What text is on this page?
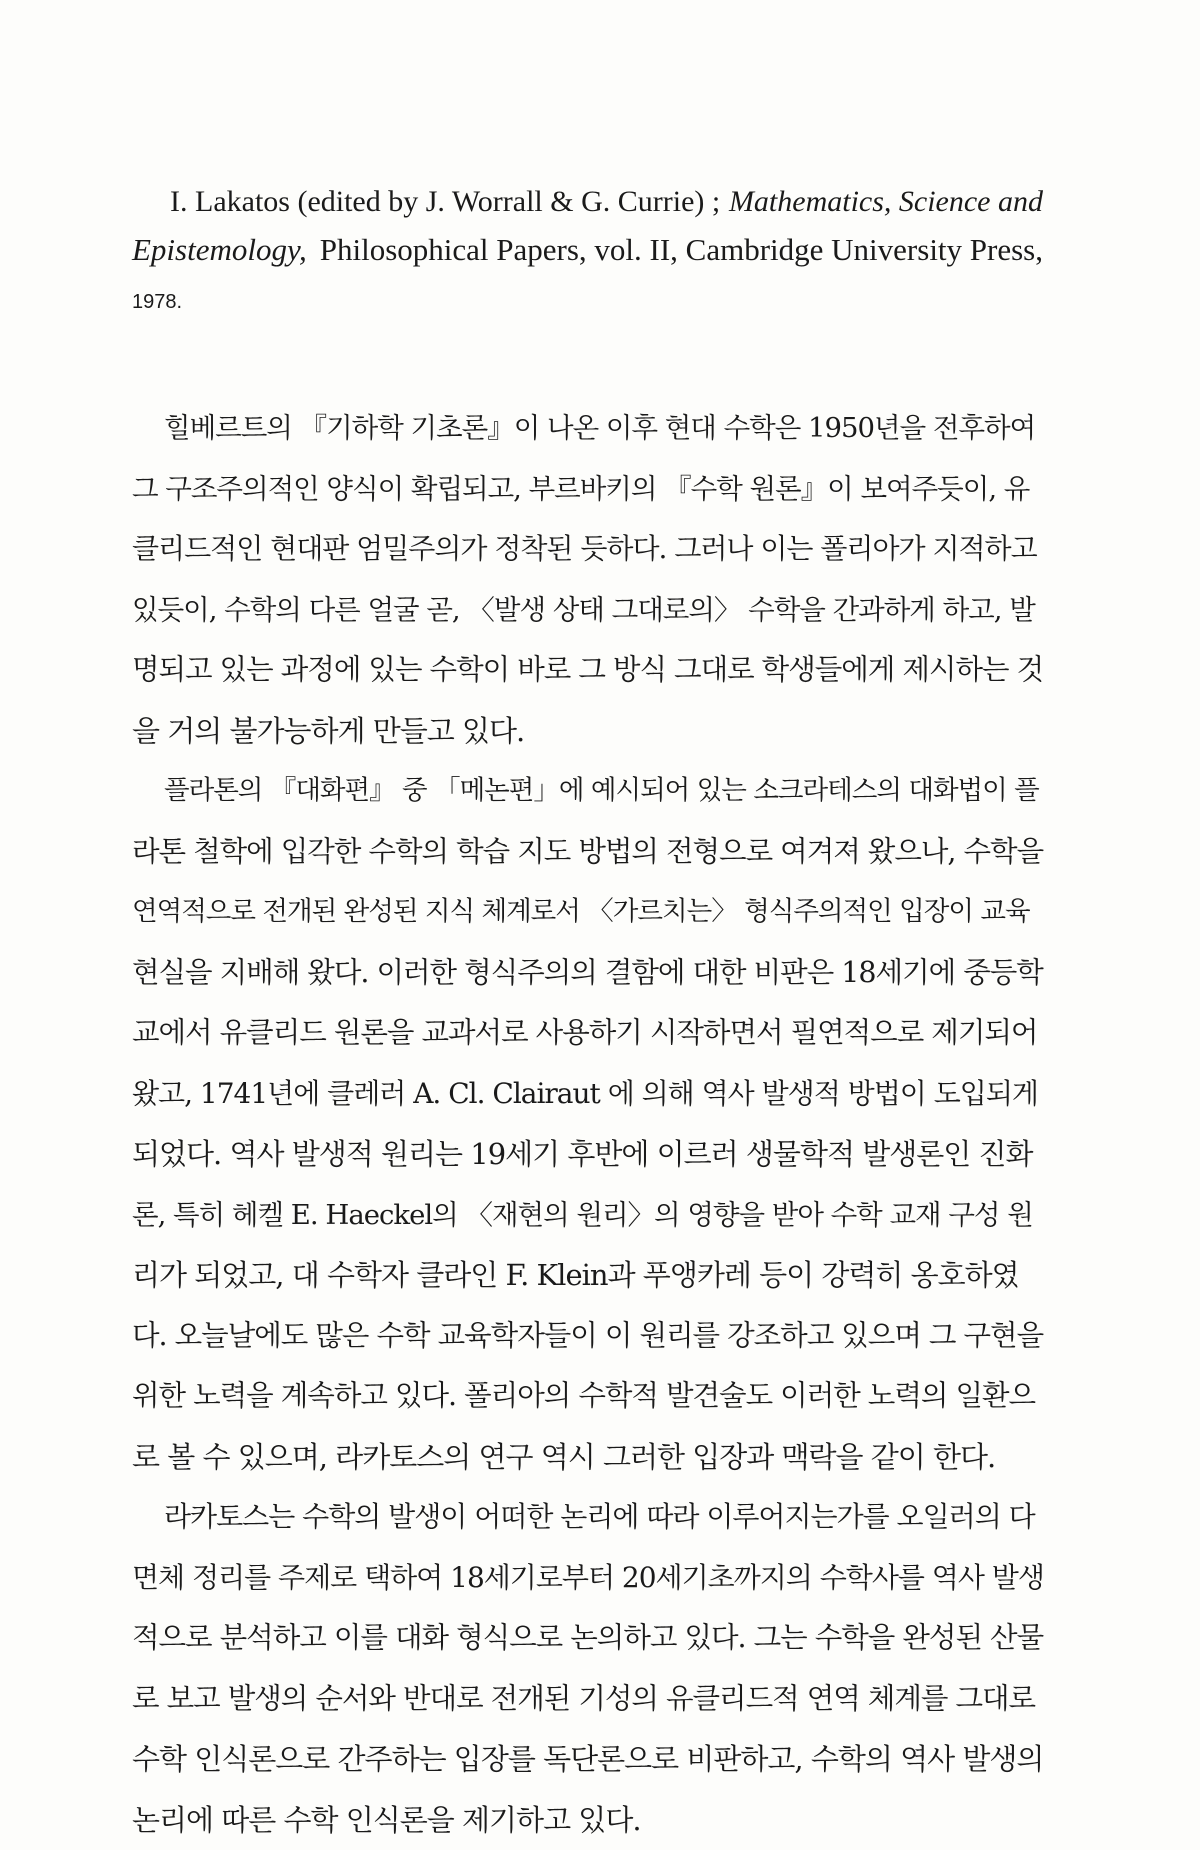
I. Lakatos (edited by J. Worrall & G. Currie) ; Mathematics, Science and
Epistemology, Philosophical Papers, vol. II, Cambridge University Press,
1978.
힐베르트의 『기하학 기초론』이 나온 이후 현대 수학은 1950년을 전후하여
그 구조주의적인 양식이 확립되고, 부르바키의 『수학 원론』이 보여주듯이, 유
클리드적인 현대판 엄밀주의가 정착된 듯하다. 그러나 이는 폴리아가 지적하고
있듯이, 수학의 다른 얼굴 곧, 〈발생 상태 그대로의〉 수학을 간과하게 하고, 발
명되고 있는 과정에 있는 수학이 바로 그 방식 그대로 학생들에게 제시하는 것
을 거의 불가능하게 만들고 있다.
플라톤의 『대화편』 중 「메논편」에 예시되어 있는 소크라테스의 대화법이 플
라톤 철학에 입각한 수학의 학습 지도 방법의 전형으로 여겨져 왔으나, 수학을
연역적으로 전개된 완성된 지식 체계로서 〈가르치는〉 형식주의적인 입장이 교육
현실을 지배해 왔다. 이러한 형식주의의 결함에 대한 비판은 18세기에 중등학
교에서 유클리드 원론을 교과서로 사용하기 시작하면서 필연적으로 제기되어
왔고, 1741년에 클레러 A. Cl. Clairaut 에 의해 역사 발생적 방법이 도입되게
되었다. 역사 발생적 원리는 19세기 후반에 이르러 생물학적 발생론인 진화
론, 특히 헤켈 E. Haeckel의 〈재현의 원리〉의 영향을 받아 수학 교재 구성 원
리가 되었고, 대 수학자 클라인 F. Klein과 푸앵카레 등이 강력히 옹호하였
다. 오늘날에도 많은 수학 교육학자들이 이 원리를 강조하고 있으며 그 구현을
위한 노력을 계속하고 있다. 폴리아의 수학적 발견술도 이러한 노력의 일환으
로 볼 수 있으며, 라카토스의 연구 역시 그러한 입장과 맥락을 같이 한다.
라카토스는 수학의 발생이 어떠한 논리에 따라 이루어지는가를 오일러의 다
면체 정리를 주제로 택하여 18세기로부터 20세기초까지의 수학사를 역사 발생
적으로 분석하고 이를 대화 형식으로 논의하고 있다. 그는 수학을 완성된 산물
로 보고 발생의 순서와 반대로 전개된 기성의 유클리드적 연역 체계를 그대로
수학 인식론으로 간주하는 입장를 독단론으로 비판하고, 수학의 역사 발생의
논리에 따른 수학 인식론을 제기하고 있다.
